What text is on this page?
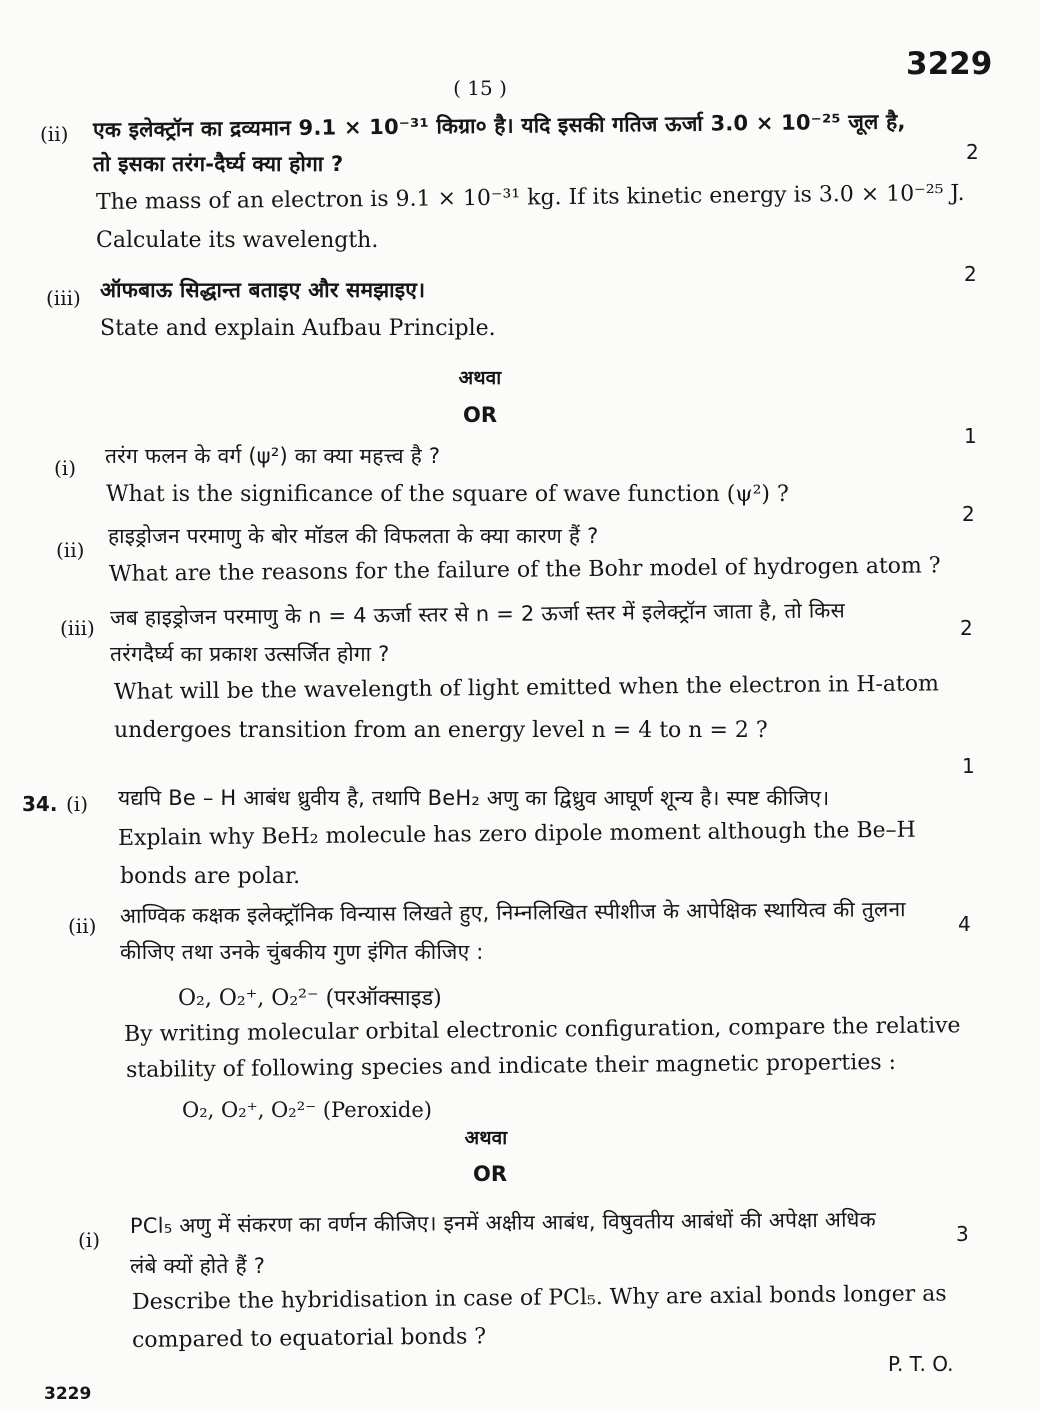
( 15 )
3229
(ii) एक इलेक्ट्रॉन का द्रव्यमान 9.1 × 10⁻³¹ किग्रा० है। यदि इसकी गतिज ऊर्जा 3.0 × 10⁻²⁵ जूल है,
तो इसका तरंग-दैर्घ्य क्या होगा ?	2
The mass of an electron is 9.1 × 10⁻³¹ kg. If its kinetic energy is 3.0 × 10⁻²⁵ J.
Calculate its wavelength.
(iii) ऑफबाऊ सिद्धान्त बताइए और समझाइए।
2
State and explain Aufbau Principle.
अथवा
OR
(i)
1
तरंग फलन के वर्ग (ψ²) का क्या महत्त्व है ?
What is the significance of the square of wave function (ψ²) ?
(ii)
2
हाइड्रोजन परमाणु के बोर मॉडल की विफलता के क्या कारण हैं ?
What are the reasons for the failure of the Bohr model of hydrogen atom ?
(iii) जब हाइड्रोजन परमाणु के n = 4 ऊर्जा स्तर से n = 2 ऊर्जा स्तर में इलेक्ट्रॉन जाता है, तो किस	2
तरंगदैर्घ्य का प्रकाश उत्सर्जित होगा ?
What will be the wavelength of light emitted when the electron in H-atom
undergoes transition from an energy level n = 4 to n = 2 ?
34. (i) यद्यपि Be – H आबंध ध्रुवीय है, तथापि BeH₂ अणु का द्विध्रुव आघूर्ण शून्य है। स्पष्ट कीजिए।
1
Explain why BeH₂ molecule has zero dipole moment although the Be–H
bonds are polar.
(ii) आण्विक कक्षक इलेक्ट्रॉनिक विन्यास लिखते हुए, निम्नलिखित स्पीशीज के आपेक्षिक स्थायित्व की तुलना	4
कीजिए तथा उनके चुंबकीय गुण इंगित कीजिए :
O₂, O₂⁺, O₂²⁻ (परऑक्साइड)
By writing molecular orbital electronic configuration, compare the relative
stability of following species and indicate their magnetic properties :
O₂, O₂⁺, O₂²⁻ (Peroxide)
अथवा
OR
(i)
PCl₅ अणु में संकरण का वर्णन कीजिए। इनमें अक्षीय आबंध, विषुवतीय आबंधों की अपेक्षा अधिक	3
लंबे क्यों होते हैं ?
Describe the hybridisation in case of PCl₅. Why are axial bonds longer as
compared to equatorial bonds ?
P. T. O.
3229
